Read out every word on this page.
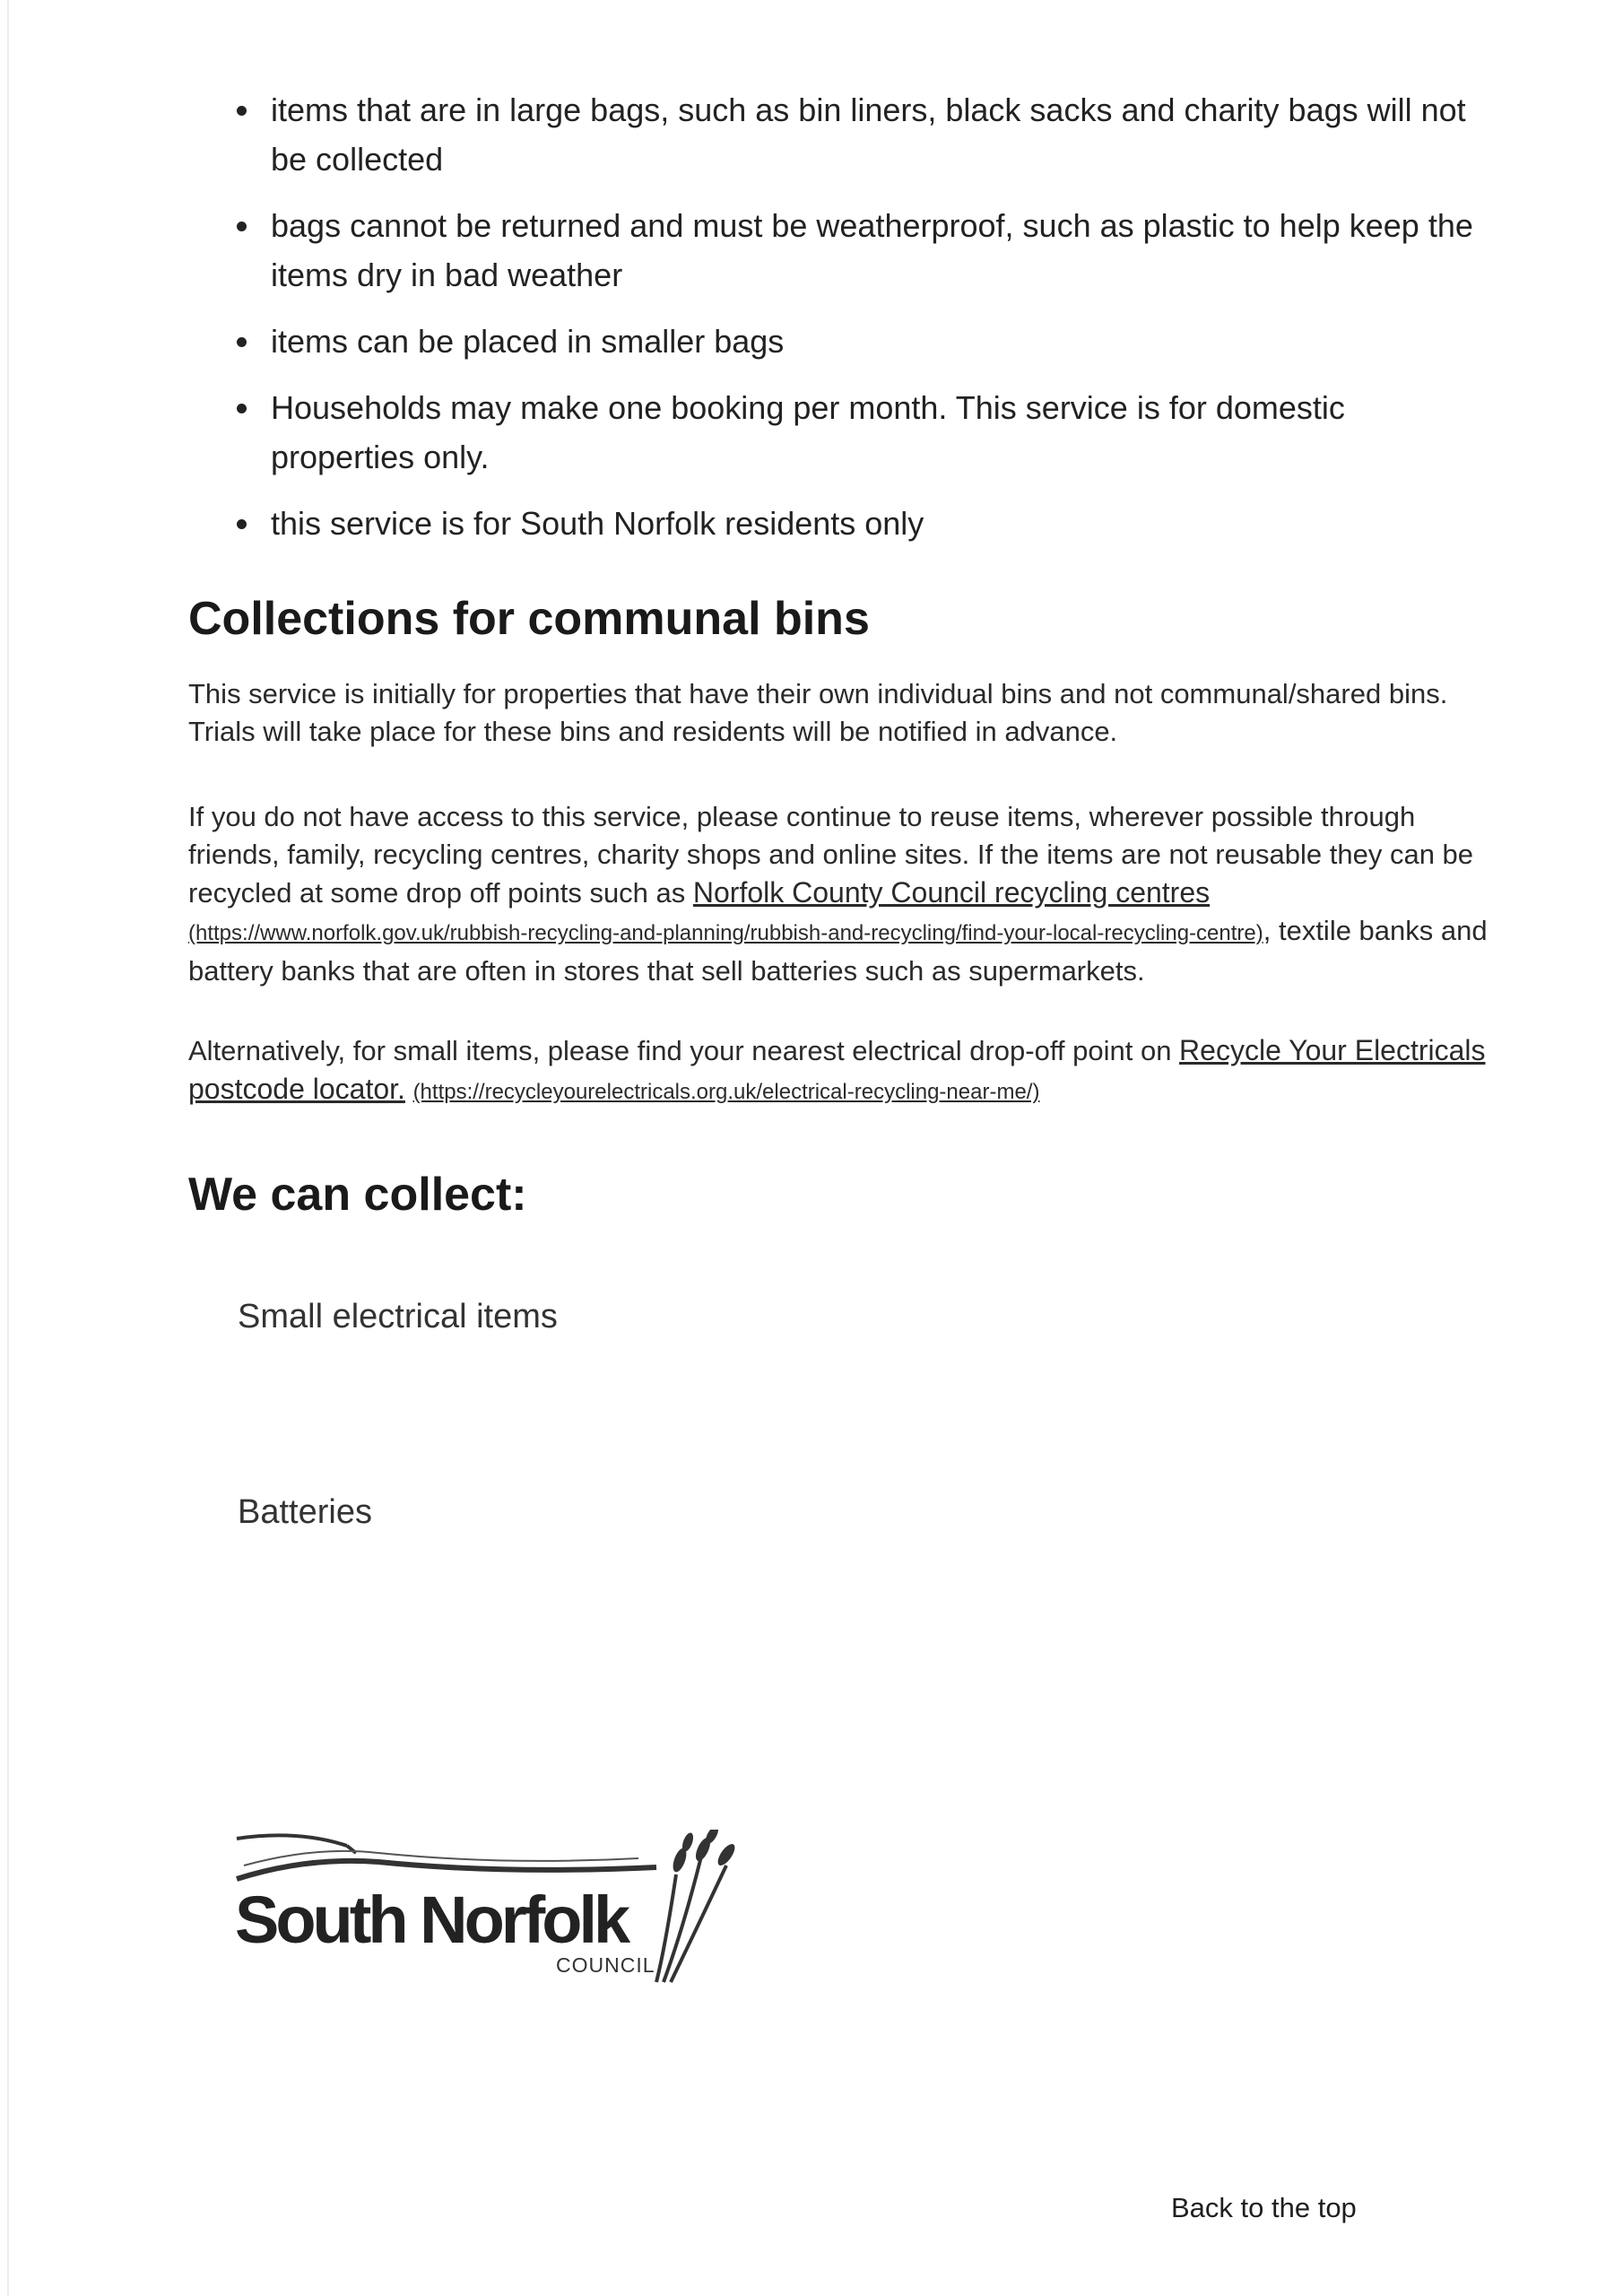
items that are in large bags, such as bin liners, black sacks and charity bags will not be collected
bags cannot be returned and must be weatherproof, such as plastic to help keep the items dry in bad weather
items can be placed in smaller bags
Households may make one booking per month. This service is for domestic properties only.
this service is for South Norfolk residents only
Collections for communal bins

This service is initially for properties that have their own individual bins and not communal/shared bins. Trials will take place for these bins and residents will be notified in advance.

If you do not have access to this service, please continue to reuse items, wherever possible through friends, family, recycling centres, charity shops and online sites. If the items are not reusable they can be recycled at some drop off points such as Norfolk County Council recycling centres (https://www.norfolk.gov.uk/rubbish-recycling-and-planning/rubbish-and-recycling/find-your-local-recycling-centre), textile banks and battery banks that are often in stores that sell batteries such as supermarkets.

Alternatively, for small items, please find your nearest electrical drop-off point on Recycle Your Electricals postcode locator. (https://recycleyourelectricals.org.uk/electrical-recycling-near-me/)

We can collect:
Small electrical items
Batteries
South Norfolk
COUNCIL
Back to the top
